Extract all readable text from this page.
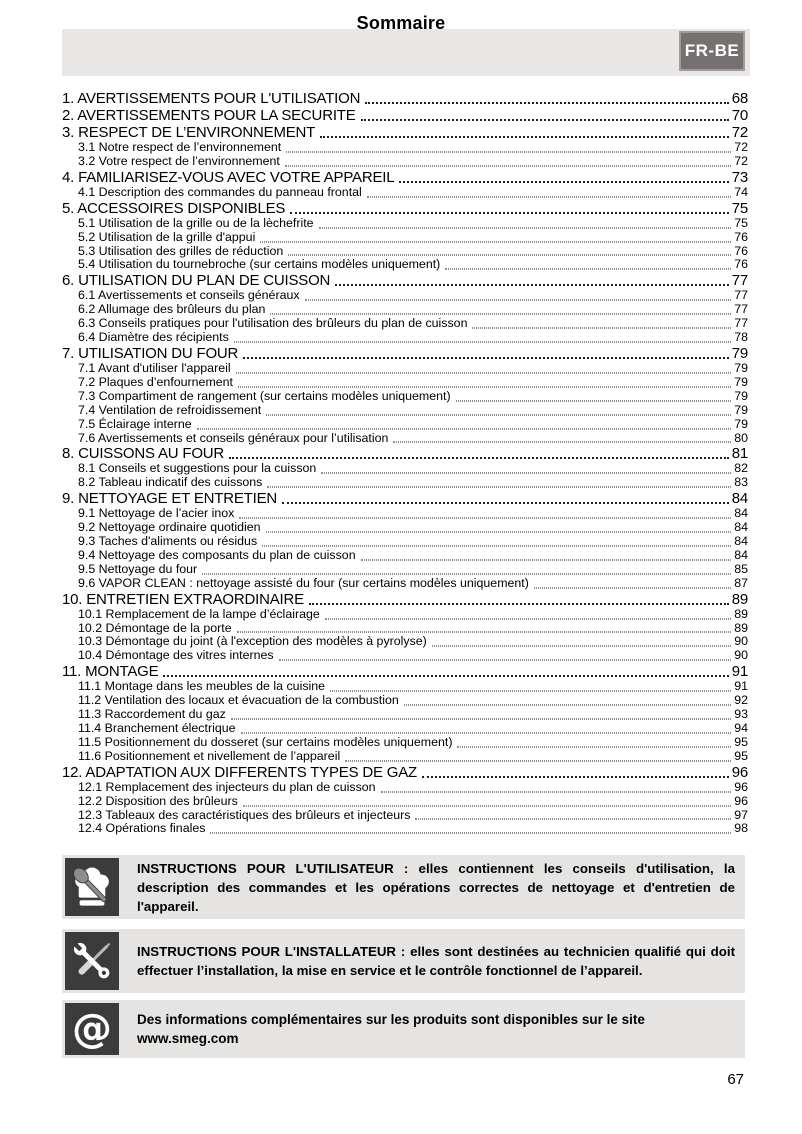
FR-BE
Sommaire
1. AVERTISSEMENTS POUR L'UTILISATION	68
2. AVERTISSEMENTS POUR LA SECURITE	70
3. RESPECT DE L’ENVIRONNEMENT	72
3.1 Notre respect de l’environnement	72
3.2 Votre respect de l’environnement	72
4. FAMILIARISEZ-VOUS AVEC VOTRE APPAREIL	73
4.1 Description des commandes du panneau frontal	74
5. ACCESSOIRES DISPONIBLES	75
5.1 Utilisation de la grille ou de la lèchefrite	75
5.2 Utilisation de la grille d'appui	76
5.3 Utilisation des grilles de réduction	76
5.4 Utilisation du tournebroche (sur certains modèles uniquement)	76
6. UTILISATION DU PLAN DE CUISSON	77
6.1 Avertissements et conseils généraux	77
6.2 Allumage des brûleurs du plan	77
6.3 Conseils pratiques pour l'utilisation des brûleurs du plan de cuisson	77
6.4 Diamètre des récipients	78
7. UTILISATION DU FOUR	79
7.1 Avant d'utiliser l'appareil	79
7.2 Plaques d’enfournement	79
7.3 Compartiment de rangement (sur certains modèles uniquement)	79
7.4 Ventilation de refroidissement	79
7.5 Éclairage interne	79
7.6 Avertissements et conseils généraux pour l’utilisation	80
8. CUISSONS AU FOUR	81
8.1 Conseils et suggestions pour la cuisson	82
8.2 Tableau indicatif des cuissons	83
9. NETTOYAGE ET ENTRETIEN	84
9.1 Nettoyage de l’acier inox	84
9.2 Nettoyage ordinaire quotidien	84
9.3 Taches d'aliments ou résidus	84
9.4 Nettoyage des composants du plan de cuisson	84
9.5 Nettoyage du four	85
9.6 VAPOR CLEAN : nettoyage assisté du four (sur certains modèles uniquement)	87
10. ENTRETIEN EXTRAORDINAIRE	89
10.1 Remplacement de la lampe d’éclairage	89
10.2 Démontage de la porte	89
10.3 Démontage du joint (à l'exception des modèles à pyrolyse)	90
10.4 Démontage des vitres internes	90
11. MONTAGE	91
11.1 Montage dans les meubles de la cuisine	91
11.2 Ventilation des locaux et évacuation de la combustion	92
11.3 Raccordement du gaz	93
11.4 Branchement électrique	94
11.5 Positionnement du dosseret (sur certains modèles uniquement)	95
11.6 Positionnement et nivellement de l’appareil	95
12. ADAPTATION AUX DIFFERENTS TYPES DE GAZ	96
12.1 Remplacement des injecteurs du plan de cuisson	96
12.2 Disposition des brûleurs	96
12.3 Tableaux des caractéristiques des brûleurs et injecteurs	97
12.4 Opérations finales	98
INSTRUCTIONS POUR L'UTILISATEUR : elles contiennent les conseils d'utilisation, la description des commandes et les opérations correctes de nettoyage et d'entretien de l'appareil.
INSTRUCTIONS POUR L'INSTALLATEUR : elles sont destinées au technicien qualifié qui doit effectuer l’installation, la mise en service et le contrôle fonctionnel de l’appareil.
@	Des informations complémentaires sur les produits sont disponibles sur le site www.smeg.com
67
